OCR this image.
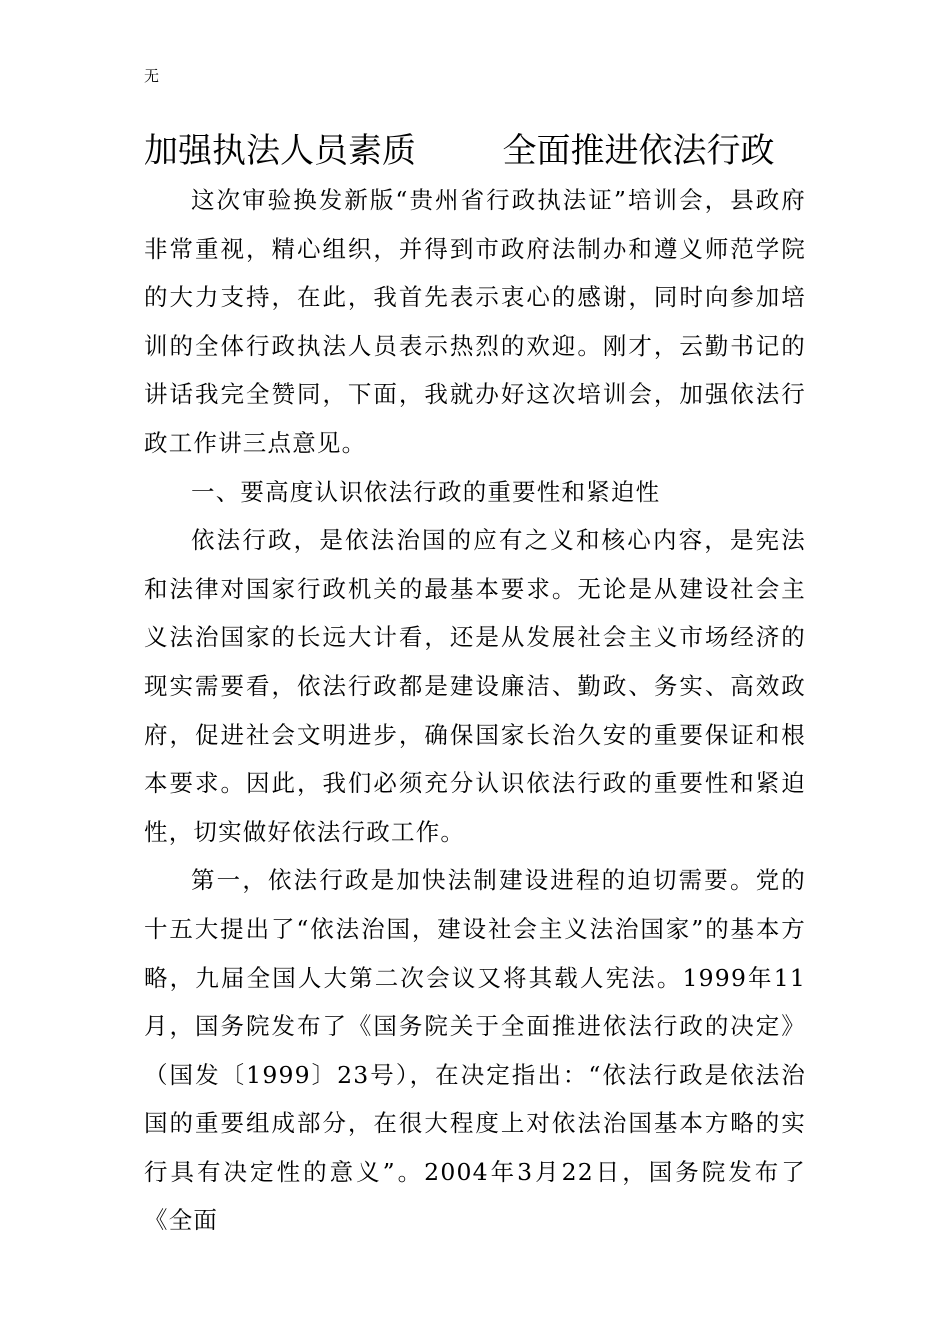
无
加强执法人员素质        全面推进依法行政

这次审验换发新版“贵州省行政执法证”培训会，县政府非常重视，精心组织，并得到市政府法制办和遵义师范学院的大力支持，在此，我首先表示衷心的感谢，同时向参加培训的全体行政执法人员表示热烈的欢迎。刚才，云勤书记的讲话我完全赞同，下面，我就办好这次培训会，加强依法行政工作讲三点意见。

一、要高度认识依法行政的重要性和紧迫性

依法行政，是依法治国的应有之义和核心内容，是宪法和法律对国家行政机关的最基本要求。无论是从建设社会主义法治国家的长远大计看，还是从发展社会主义市场经济的现实需要看，依法行政都是建设廉洁、勤政、务实、高效政府，促进社会文明进步，确保国家长治久安的重要保证和根本要求。因此，我们必须充分认识依法行政的重要性和紧迫性，切实做好依法行政工作。

第一，依法行政是加快法制建设进程的迫切需要。党的十五大提出了“依法治国，建设社会主义法治国家”的基本方略，九届全国人大第二次会议又将其载人宪法。1999年11月，国务院发布了《国务院关于全面推进依法行政的决定》（国发〔1999〕23号），在决定指出：“依法行政是依法治国的重要组成部分，在很大程度上对依法治国基本方略的实行具有决定性的意义”。2004年3月22日，国务院发布了《全面
